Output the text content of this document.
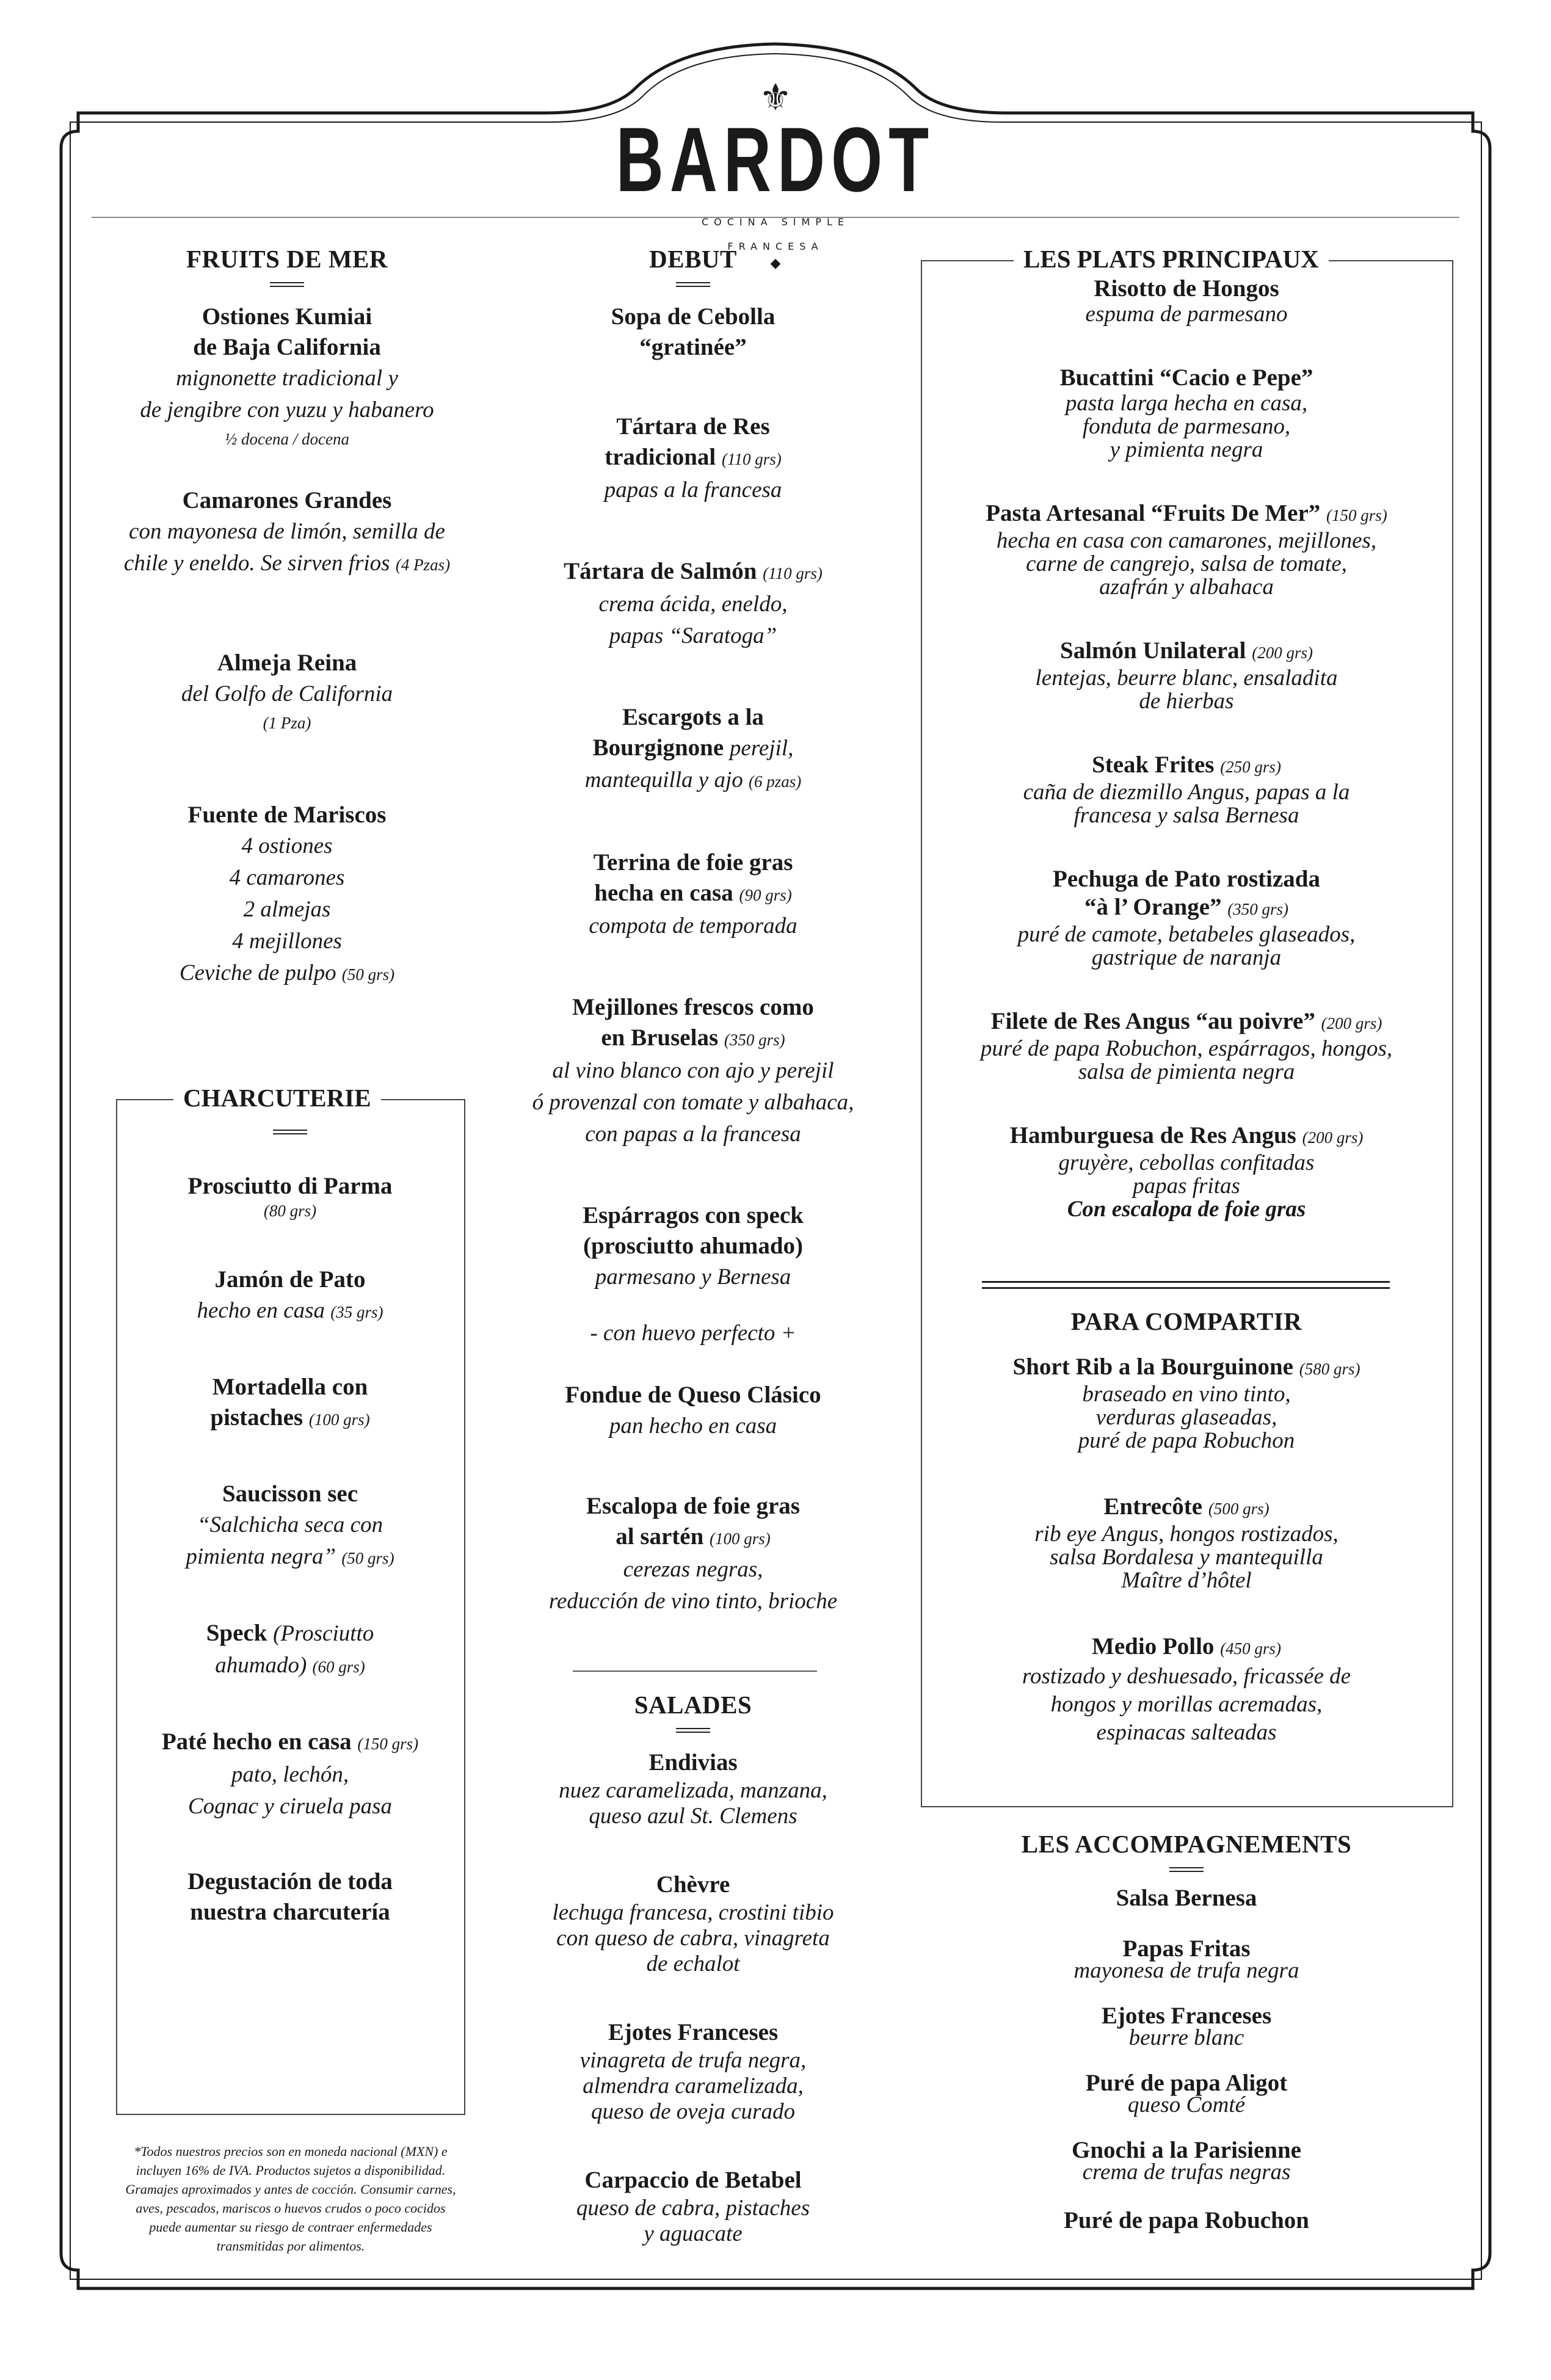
⚜
BARDOT
COCINA SIMPLE
FRANCESA
◆
FRUITS DE MER
Ostiones Kumiai
de Baja California
mignonette tradicional y
de jengibre con yuzu y habanero
½ docena / docena
Camarones Grandes
con mayonesa de limón, semilla de
chile y eneldo. Se sirven frios (4 Pzas)
Almeja Reina
del Golfo de California
(1 Pza)
Fuente de Mariscos
4 ostiones
4 camarones
2 almejas
4 mejillones
Ceviche de pulpo (50 grs)
CHARCUTERIE
Prosciutto di Parma
(80 grs)
Jamón de Pato
hecho en casa (35 grs)
Mortadella con
pistaches (100 grs)
Saucisson sec
“Salchicha seca con
pimienta negra” (50 grs)
Speck (Prosciutto
ahumado) (60 grs)
Paté hecho en casa (150 grs)
pato, lechón,
Cognac y ciruela pasa
Degustación de toda
nuestra charcutería
*Todos nuestros precios son en moneda nacional (MXN) e incluyen 16% de IVA. Productos sujetos a disponibilidad. Gramajes aproximados y antes de cocción. Consumir carnes, aves, pescados, mariscos o huevos crudos o poco cocidos puede aumentar su riesgo de contraer enfermedades transmitidas por alimentos.
DEBUT
Sopa de Cebolla
“gratinée”
Tártara de Res
tradicional (110 grs)
papas a la francesa
Tártara de Salmón (110 grs)
crema ácida, eneldo,
papas “Saratoga”
Escargots a la
Bourgignone perejil,
mantequilla y ajo (6 pzas)
Terrina de foie gras
hecha en casa (90 grs)
compota de temporada
Mejillones frescos como
en Bruselas (350 grs)
al vino blanco con ajo y perejil
ó provenzal con tomate y albahaca,
con papas a la francesa
Espárragos con speck
(prosciutto ahumado)
parmesano y Bernesa
- con huevo perfecto +
Fondue de Queso Clásico
pan hecho en casa
Escalopa de foie gras
al sartén (100 grs)
cerezas negras,
reducción de vino tinto, brioche
SALADES
Endivias
nuez caramelizada, manzana,
queso azul St. Clemens
Chèvre
lechuga francesa, crostini tibio
con queso de cabra, vinagreta
de echalot
Ejotes Franceses
vinagreta de trufa negra,
almendra caramelizada,
queso de oveja curado
Carpaccio de Betabel
queso de cabra, pistaches
y aguacate
LES PLATS PRINCIPAUX
Risotto de Hongos
espuma de parmesano
Bucattini “Cacio e Pepe”
pasta larga hecha en casa,
fonduta de parmesano,
y pimienta negra
Pasta Artesanal “Fruits De Mer” (150 grs)
hecha en casa con camarones, mejillones,
carne de cangrejo, salsa de tomate,
azafrán y albahaca
Salmón Unilateral (200 grs)
lentejas, beurre blanc, ensaladita
de hierbas
Steak Frites (250 grs)
caña de diezmillo Angus, papas a la
francesa y salsa Bernesa
Pechuga de Pato rostizada
“à l’ Orange” (350 grs)
puré de camote, betabeles glaseados,
gastrique de naranja
Filete de Res Angus “au poivre” (200 grs)
puré de papa Robuchon, espárragos, hongos,
salsa de pimienta negra
Hamburguesa de Res Angus (200 grs)
gruyère, cebollas confitadas
papas fritas
Con escalopa de foie gras
PARA COMPARTIR
Short Rib a la Bourguinone (580 grs)
braseado en vino tinto,
verduras glaseadas,
puré de papa Robuchon
Entrecôte (500 grs)
rib eye Angus, hongos rostizados,
salsa Bordalesa y mantequilla
Maître d’hôtel
Medio Pollo (450 grs)
rostizado y deshuesado, fricassée de
hongos y morillas acremadas,
espinacas salteadas
LES ACCOMPAGNEMENTS
Salsa Bernesa
Papas Fritas
mayonesa de trufa negra
Ejotes Franceses
beurre blanc
Puré de papa Aligot
queso Comté
Gnochi a la Parisienne
crema de trufas negras
Puré de papa Robuchon
